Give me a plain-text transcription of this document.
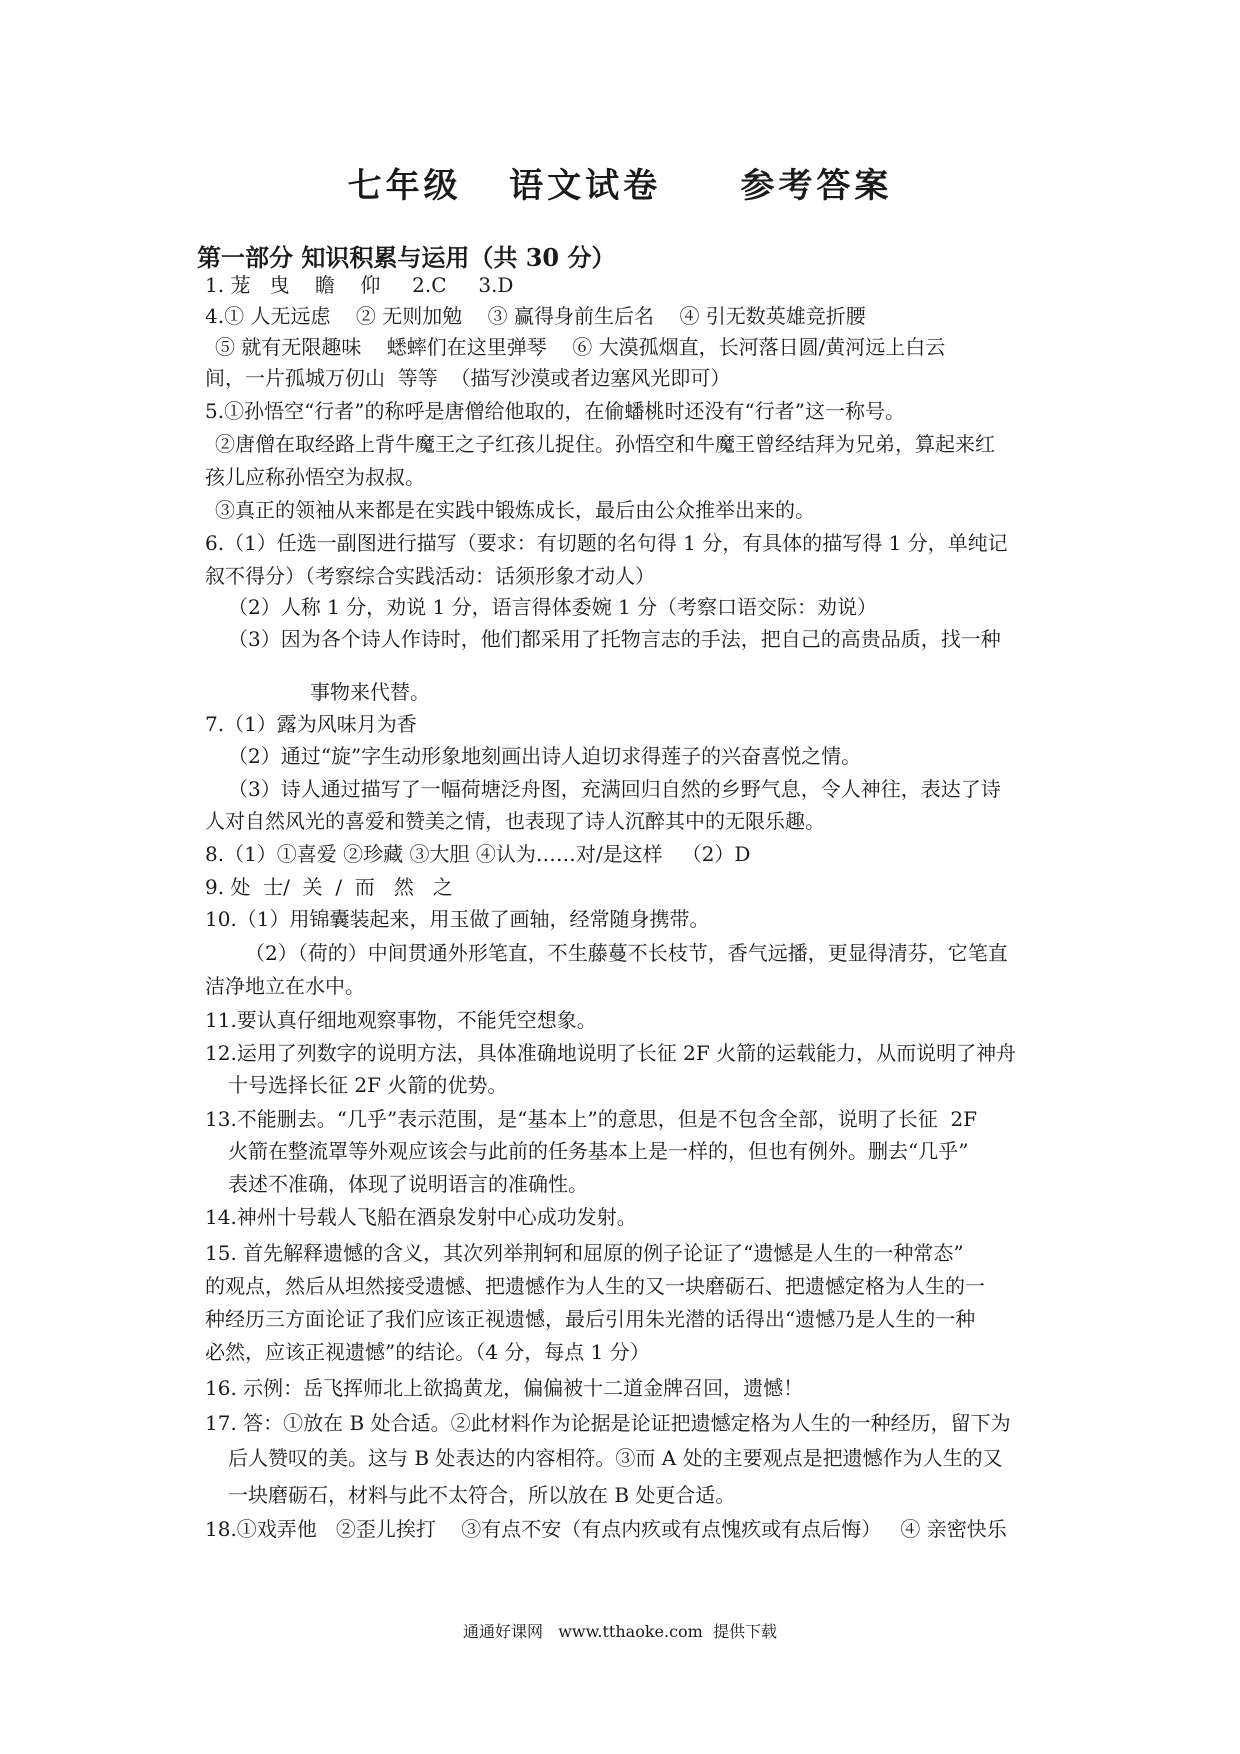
七年级   语文试卷     参考答案
第一部分 知识积累与运用（共 30 分）

1. 茏   曳    瞻    仰     2.C     3.D

4.① 人无远虑    ② 无则加勉    ③ 赢得身前生后名    ④ 引无数英雄竞折腰

⑤ 就有无限趣味    蟋蟀们在这里弹琴    ⑥ 大漠孤烟直，长河落日圆/黄河远上白云

间，一片孤城万仞山  等等  （描写沙漠或者边塞风光即可）

5.①孙悟空“行者”的称呼是唐僧给他取的，在偷蟠桃时还没有“行者”这一称号。

②唐僧在取经路上背牛魔王之子红孩儿捉住。孙悟空和牛魔王曾经结拜为兄弟，算起来红

孩儿应称孙悟空为叔叔。

③真正的领袖从来都是在实践中锻炼成长，最后由公众推举出来的。

6.（1）任选一副图进行描写（要求：有切题的名句得 1 分，有具体的描写得 1 分，单纯记

叙不得分）（考察综合实践活动：话须形象才动人）

（2）人称 1 分，劝说 1 分，语言得体委婉 1 分（考察口语交际：劝说）

（3）因为各个诗人作诗时，他们都采用了托物言志的手法，把自己的高贵品质，找一种

事物来代替。

7.（1）露为风味月为香

（2）通过“旋”字生动形象地刻画出诗人迫切求得莲子的兴奋喜悦之情。

（3）诗人通过描写了一幅荷塘泛舟图，充满回归自然的乡野气息，令人神往，表达了诗

人对自然风光的喜爱和赞美之情，也表现了诗人沉醉其中的无限乐趣。

8.（1）①喜爱 ②珍藏 ③大胆 ④认为……对/是这样   （2）D

9. 处  士/  关  /  而   然   之

10.（1）用锦囊装起来，用玉做了画轴，经常随身携带。

（2）（荷的）中间贯通外形笔直，不生藤蔓不长枝节，香气远播，更显得清芬，它笔直

洁净地立在水中。

11.要认真仔细地观察事物，不能凭空想象。

12.运用了列数字的说明方法，具体准确地说明了长征 2F 火箭的运载能力，从而说明了神舟

十号选择长征 2F 火箭的优势。

13.不能删去。“几乎”表示范围，是“基本上”的意思，但是不包含全部，说明了长征  2F

火箭在整流罩等外观应该会与此前的任务基本上是一样的，但也有例外。删去“几乎”

表述不准确，体现了说明语言的准确性。

14.神州十号载人飞船在酒泉发射中心成功发射。

15. 首先解释遗憾的含义，其次列举荆轲和屈原的例子论证了“遗憾是人生的一种常态”

的观点，然后从坦然接受遗憾、把遗憾作为人生的又一块磨砺石、把遗憾定格为人生的一

种经历三方面论证了我们应该正视遗憾，最后引用朱光潜的话得出“遗憾乃是人生的一种

必然，应该正视遗憾”的结论。（4 分，每点 1 分）

16. 示例：岳飞挥师北上欲捣黄龙，偏偏被十二道金牌召回，遗憾！

17. 答：①放在 B 处合适。②此材料作为论据是论证把遗憾定格为人生的一种经历，留下为

后人赞叹的美。这与 B 处表达的内容相符。③而 A 处的主要观点是把遗憾作为人生的又

一块磨砺石，材料与此不太符合，所以放在 B 处更合适。

18.①戏弄他   ②歪儿挨打    ③有点不安（有点内疚或有点愧疚或有点后悔）   ④ 亲密快乐

通通好课网   www.tthaoke.com  提供下载
